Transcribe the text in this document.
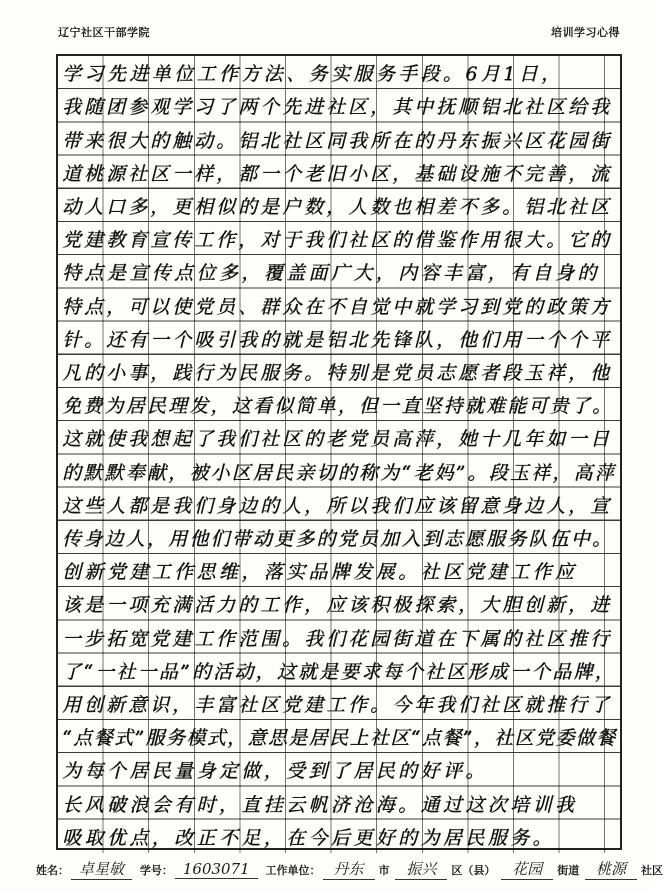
辽宁社区干部学院	培训学习心得
学习先进单位工作方法、务实服务手段。6月1日，
我随团参观学习了两个先进社区，其中抚顺铝北社区给我
带来很大的触动。铝北社区同我所在的丹东振兴区花园街
道桃源社区一样，都一个老旧小区，基础设施不完善，流
动人口多，更相似的是户数，人数也相差不多。铝北社区
党建教育宣传工作，对于我们社区的借鉴作用很大。它的
特点是宣传点位多，覆盖面广大，内容丰富，有自身的
特点，可以使党员、群众在不自觉中就学习到党的政策方
针。还有一个吸引我的就是铝北先锋队，他们用一个个平
凡的小事，践行为民服务。特别是党员志愿者段玉祥，他
免费为居民理发，这看似简单，但一直坚持就难能可贵了。
这就使我想起了我们社区的老党员高萍，她十几年如一日
的默默奉献，被小区居民亲切的称为“老妈”。段玉祥，高萍
这些人都是我们身边的人，所以我们应该留意身边人，宣
传身边人，用他们带动更多的党员加入到志愿服务队伍中。
创新党建工作思维，落实品牌发展。社区党建工作应
该是一项充满活力的工作，应该积极探索，大胆创新，进
一步拓宽党建工作范围。我们花园街道在下属的社区推行
了“一社一品”的活动，这就是要求每个社区形成一个品牌，
用创新意识，丰富社区党建工作。今年我们社区就推行了
“点餐式”服务模式，意思是居民上社区“点餐”，社区党委做餐
为每个居民量身定做，受到了居民的好评。
长风破浪会有时，直挂云帆济沧海。通过这次培训我
吸取优点，改正不足，在今后更好的为居民服务。
姓名： 卓星敏 学号： 1603071 工作单位： 丹东 市 振兴 区（县） 花园 街道 桃源 社区
